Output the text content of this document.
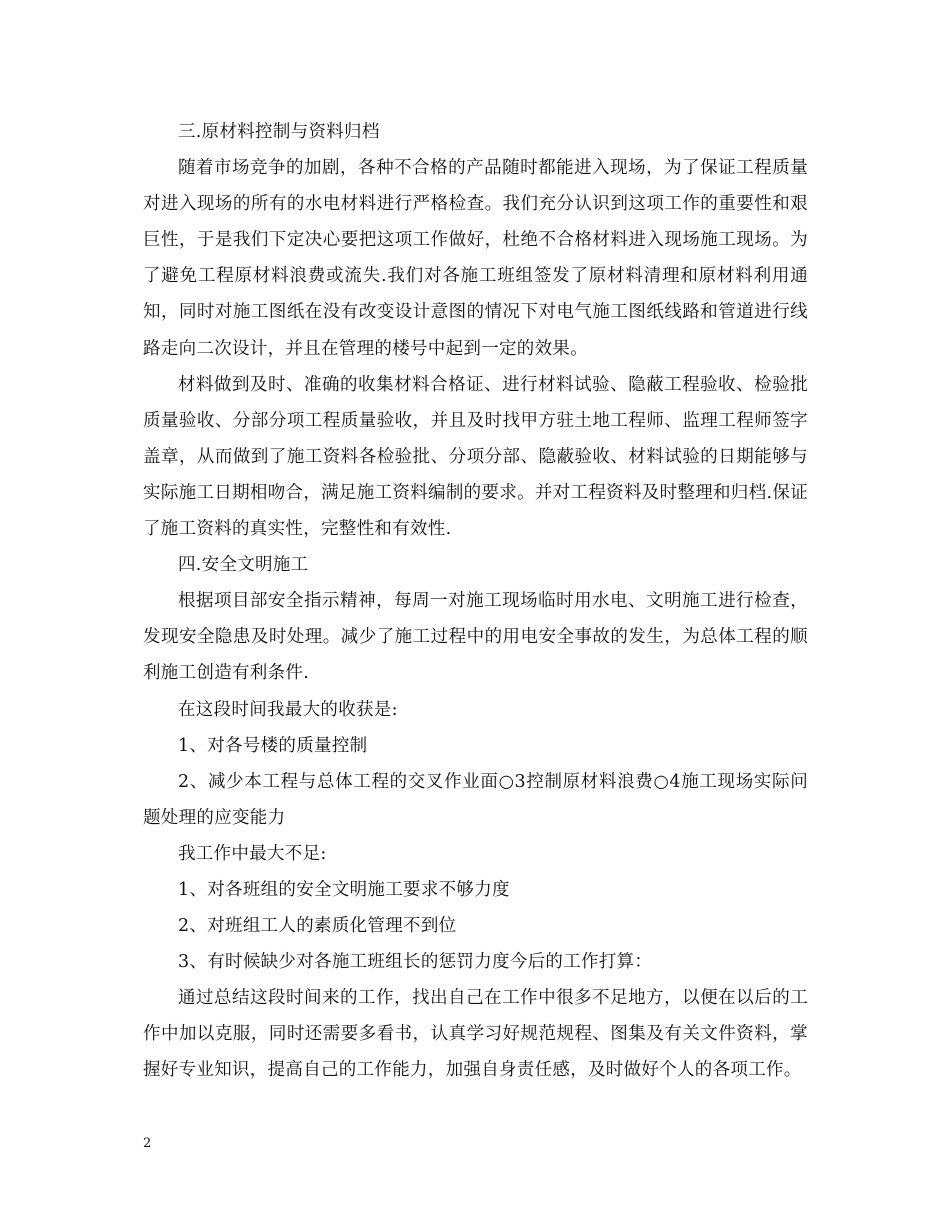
三.原材料控制与资料归档

随着市场竞争的加剧，各种不合格的产品随时都能进入现场，为了保证工程质量对进入现场的所有的水电材料进行严格检查。我们充分认识到这项工作的重要性和艰巨性，于是我们下定决心要把这项工作做好，杜绝不合格材料进入现场施工现场。为了避免工程原材料浪费或流失.我们对各施工班组签发了原材料清理和原材料利用通知，同时对施工图纸在没有改变设计意图的情况下对电气施工图纸线路和管道进行线路走向二次设计，并且在管理的楼号中起到一定的效果。

材料做到及时、准确的收集材料合格证、进行材料试验、隐蔽工程验收、检验批质量验收、分部分项工程质量验收，并且及时找甲方驻土地工程师、监理工程师签字盖章，从而做到了施工资料各检验批、分项分部、隐蔽验收、材料试验的日期能够与实际施工日期相吻合，满足施工资料编制的要求。并对工程资料及时整理和归档.保证了施工资料的真实性，完整性和有效性.

四.安全文明施工

根据项目部安全指示精神，每周一对施工现场临时用水电、文明施工进行检查，发现安全隐患及时处理。减少了施工过程中的用电安全事故的发生，为总体工程的顺利施工创造有利条件.

在这段时间我最大的收获是:

1、对各号楼的质量控制

2、减少本工程与总体工程的交叉作业面○3控制原材料浪费○4施工现场实际问题处理的应变能力

我工作中最大不足:

1、对各班组的安全文明施工要求不够力度

2、对班组工人的素质化管理不到位

3、有时候缺少对各施工班组长的惩罚力度今后的工作打算：

通过总结这段时间来的工作，找出自己在工作中很多不足地方，以便在以后的工作中加以克服，同时还需要多看书，认真学习好规范规程、图集及有关文件资料，掌握好专业知识，提高自己的工作能力，加强自身责任感，及时做好个人的各项工作。

2
